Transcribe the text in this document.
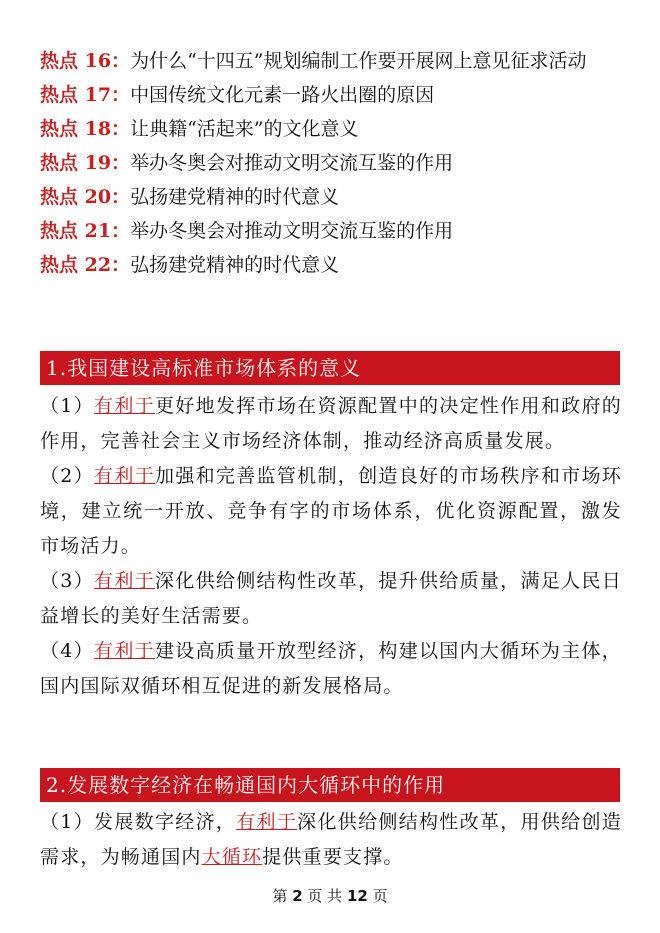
热点 16：为什么“十四五”规划编制工作要开展网上意见征求活动
热点 17：中国传统文化元素一路火出圈的原因
热点 18：让典籍“活起来”的文化意义
热点 19：举办冬奥会对推动文明交流互鉴的作用
热点 20：弘扬建党精神的时代意义
热点 21：举办冬奥会对推动文明交流互鉴的作用
热点 22：弘扬建党精神的时代意义
1.我国建设高标准市场体系的意义
（1）有利于更好地发挥市场在资源配置中的决定性作用和政府的作用，完善社会主义市场经济体制，推动经济高质量发展。
（2）有利于加强和完善监管机制，创造良好的市场秩序和市场环境，建立统一开放、竞争有字的市场体系，优化资源配置，激发市场活力。
（3）有利于深化供给侧结构性改革，提升供给质量，满足人民日益增长的美好生活需要。
（4）有利于建设高质量开放型经济，构建以国内大循环为主体，国内国际双循环相互促进的新发展格局。
2.发展数字经济在畅通国内大循环中的作用
（1）发展数字经济，有利于深化供给侧结构性改革，用供给创造需求，为畅通国内大循环提供重要支撑。
第 2 页 共 12 页
